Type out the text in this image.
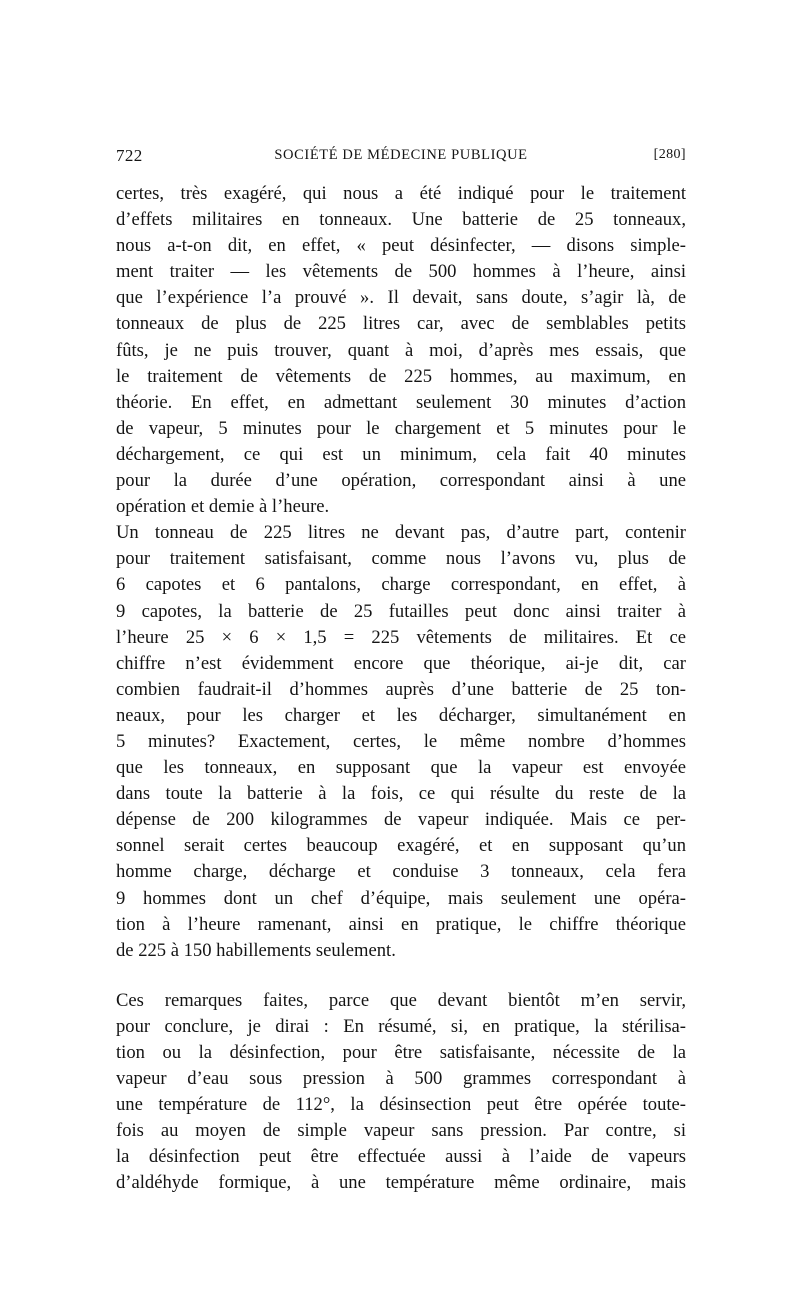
722	SOCIÉTÉ DE MÉDECINE PUBLIQUE	[280]
certes, très exagéré, qui nous a été indiqué pour le traitement
d’effets militaires en tonneaux. Une batterie de 25 tonneaux,
nous a-t-on dit, en effet, « peut désinfecter, — disons simple-
ment traiter — les vêtements de 500 hommes à l’heure, ainsi
que l’expérience l’a prouvé ». Il devait, sans doute, s’agir là, de
tonneaux de plus de 225 litres car, avec de semblables petits
fûts, je ne puis trouver, quant à moi, d’après mes essais, que
le traitement de vêtements de 225 hommes, au maximum, en
théorie. En effet, en admettant seulement 30 minutes d’action
de vapeur, 5 minutes pour le chargement et 5 minutes pour le
déchargement, ce qui est un minimum, cela fait 40 minutes
pour la durée d’une opération, correspondant ainsi à une
opération et demie à l’heure.
Un tonneau de 225 litres ne devant pas, d’autre part, contenir
pour traitement satisfaisant, comme nous l’avons vu, plus de
6 capotes et 6 pantalons, charge correspondant, en effet, à
9 capotes, la batterie de 25 futailles peut donc ainsi traiter à
l’heure 25 × 6 × 1,5 = 225 vêtements de militaires. Et ce
chiffre n’est évidemment encore que théorique, ai-je dit, car
combien faudrait-il d’hommes auprès d’une batterie de 25 ton-
neaux, pour les charger et les décharger, simultanément en
5 minutes? Exactement, certes, le même nombre d’hommes
que les tonneaux, en supposant que la vapeur est envoyée
dans toute la batterie à la fois, ce qui résulte du reste de la
dépense de 200 kilogrammes de vapeur indiquée. Mais ce per-
sonnel serait certes beaucoup exagéré, et en supposant qu’un
homme charge, décharge et conduise 3 tonneaux, cela fera
9 hommes dont un chef d’équipe, mais seulement une opéra-
tion à l’heure ramenant, ainsi en pratique, le chiffre théorique
de 225 à 150 habillements seulement.
Ces remarques faites, parce que devant bientôt m’en servir,
pour conclure, je dirai : En résumé, si, en pratique, la stérilisa-
tion ou la désinfection, pour être satisfaisante, nécessite de la
vapeur d’eau sous pression à 500 grammes correspondant à
une température de 112°, la désinsection peut être opérée toute-
fois au moyen de simple vapeur sans pression. Par contre, si
la désinfection peut être effectuée aussi à l’aide de vapeurs
d’aldéhyde formique, à une température même ordinaire, mais
